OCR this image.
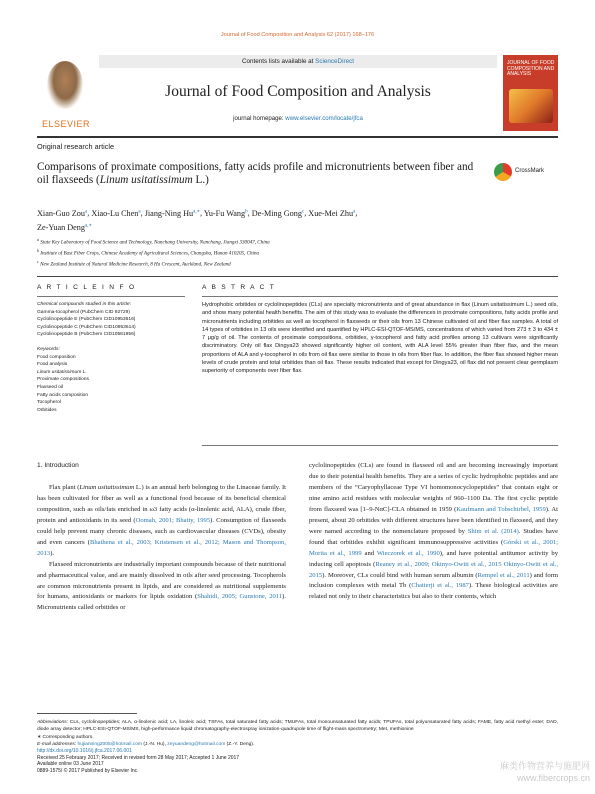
Journal of Food Composition and Analysis 62 (2017) 168–176
ELSEVIER
Contents lists available at ScienceDirect
Journal of Food Composition and Analysis
journal homepage: www.elsevier.com/locate/jfca
JOURNAL OF FOOD COMPOSITION AND ANALYSIS
Original research article
Comparisons of proximate compositions, fatty acids profile and micronutrients between fiber and oil flaxseeds (Linum usitatissimum L.)
CrossMark
Xian-Guo Zou$^a$, Xiao-Lu Chen$^a$, Jiang-Ning $Hu^{a,∗}$, Yu-Fu Wang$^b$, De-Ming Gong$^c$, Xue-Mei Zhu$^a$,
Ze-Yuan Deng$^{a,∗}$
$^a$ State Key Laboratory of Food Science and Technology, Nanchang University, Nanchang, Jiangxi 330047, China
$^b$ Institute of Bast Fiber Crops, Chinese Academy of Agricultural Sciences, Changsha, Hunan 410205, China
$^c$ New Zealand Institute of Natural Medicine Research, 8 Ha Crescent, Auckland, New Zealand
A R T I C L E I N F O	A B S T R A C T
Chemical compounds studied in this article:
Gamma-tocopherol (PubChem CID 92729)
Cyclolinopeptide E (PubChem CID10953616)
Cyclolinopeptide C (PubChem CID10953614)
Cyclolinopeptide B (PubChem CID10581956)
Keywords:
Food composition
Food analysis
Linum usitatissimum L.
Proximate compositions
Flaxseed oil
Fatty acids composition
Tocopherol
Orbitides
Hydrophobic orbitides or cyclolinopeptides (CLs) are specialty micronutrients and of great abundance in flax (Linum usitatissimum L.) seed oils, and show many potential health benefits. The aim of this study was to evaluate the differences in proximate compositions, fatty acids profile and micronutrients including orbitides as well as tocopherol in flaxseeds or their oils from 13 Chinese cultivated oil and fiber flax samples. A total of 14 types of orbitides in 13 oils were identified and quantified by HPLC-ESI-QTOF-MS/MS, concentrations of which varied from 273 ± 3 to 434 ± 7 μg/g of oil. The contents of proximate compositions, orbitides, γ-tocopherol and fatty acid profiles among 13 cultivars were significantly discriminatory. Only oil flax Dingya23 showed significantly higher oil content, with ALA level 55% greater than fiber flax, and the mean proportions of ALA and γ-tocopherol in oils from oil flax were similar to those in oils from fiber flax. In addition, the fiber flax showed higher mean levels of crude protein and total orbitides than oil flax. These results indicated that except for Dingya23, oil flax did not present clear germplasm superiority of components over fiber flax.
1. Introduction

Flax plant (Linum usitatissimum L.) is an annual herb belonging to the Linaceae family. It has been cultivated for fiber as well as a functional food because of its beneficial chemical composition, such as oils/fats enriched in ω3 fatty acids (α-linolenic acid, ALA), crude fiber, protein and antioxidants in its seed (Oomah, 2001; Bhatty, 1995). Consumption of flaxseeds could help prevent many chronic diseases, such as cardiovascular diseases (CVDs), obesity and even cancers (Bhathena et al., 2003; Kristensen et al., 2012; Mason and Thompson, 2013).

Flaxseed micronutrients are industrially important compounds because of their nutritional and pharmaceutical value, and are mainly dissolved in oils after seed processing. Tocopherols are common micronutrients present in lipids, and are considered as nutritional supplements for humans, antioxidants or markers for lipids oxidation (Shahidi, 2005; Gunstone, 2011). Micronutrients called orbitides or

cyclolinopeptides (CLs) are found in flaxseed oil and are becoming increasingly important due to their potential health benefits. They are a series of cyclic hydrophobic peptides and are members of the “Caryophyllaceae Type VI homomonocyclopeptides” that contain eight or nine amino acid residues with molecular weights of 960–1100 Da. The first cyclic peptide from flaxseed was [1–9-NαC]-CLA obtained in 1959 (Kaufmann and Tobschirbel, 1959). At present, about 20 orbitides with different structures have been identified in flaxseed, and they were named according to the nomenclature proposed by Shim et al. (2014). Studies have found that orbitides exhibit significant immunosuppressive activities (Górski et al., 2001; Morita et al., 1999 and Wieczorek et al., 1990), and have potential antitumor activity by inducing cell apoptosis (Reaney et al., 2009; Okinyo-Owiti et al., 2015 Okinyo-Owiti et al., 2015). Moreover, CLs could bind with human serum albumin (Rempel et al., 2011) and form inclusion complexes with metal Tb (Chatterji et al., 1987). These biological activities are related not only to their characteristics but also to their contents, which

Abbreviations: CLs, cyclolinopeptides; ALA, α-linolenic acid; LA, linoleic acid; TSFAs, total saturated fatty acids; TMUFAs, total monounsaturated fatty acids; TPUFAs, total polyunsaturated fatty acids; FAME, fatty acid methyl ester; DAD, diode array detector; HPLC-ESI-QTOF-MS/MS, high-performance liquid chromatography-electrospray ionization-quadrupole time of flight-mass spectrometry; Met, methionine
∗ Corresponding authors.
E-mail addresses: hujianning2005@hotmail.com (J.-N. Hu), zeyuandeng@hotmail.com (Z.-Y. Deng).
http://dx.doi.org/10.1016/j.jfca.2017.06.001
Received 25 February 2017; Received in revised form 28 May 2017; Accepted 1 June 2017
Available online 03 June 2017
0889-1575/ © 2017 Published by Elsevier Inc.	麻类作物营养与施肥网
www.fibercrops.cn
